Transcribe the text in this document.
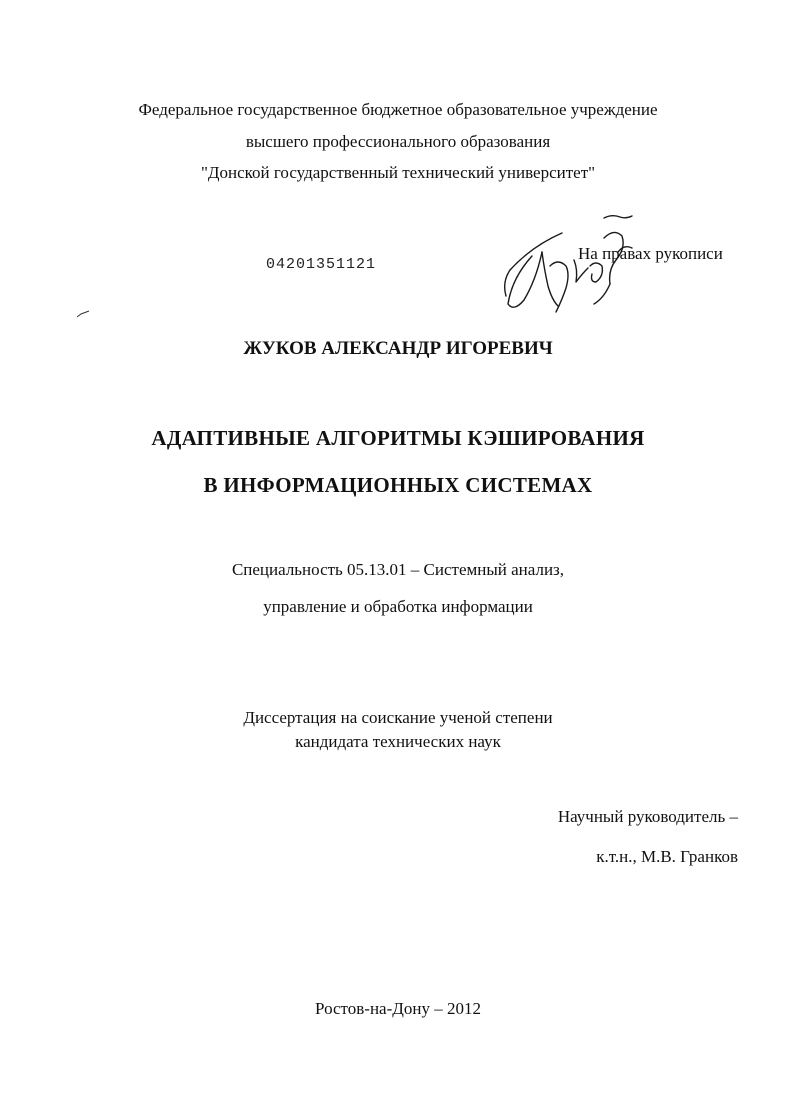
Федеральное государственное бюджетное образовательное учреждение
высшего профессионального образования
"Донской государственный технический университет"
04201351121
На правах рукописи
ЖУКОВ АЛЕКСАНДР ИГОРЕВИЧ
АДАПТИВНЫЕ АЛГОРИТМЫ КЭШИРОВАНИЯ
В ИНФОРМАЦИОННЫХ СИСТЕМАХ
Специальность 05.13.01 – Системный анализ,
управление и обработка информации
Диссертация на соискание ученой степени
кандидата технических наук
Научный руководитель –
к.т.н., М.В. Гранков
Ростов-на-Дону – 2012
